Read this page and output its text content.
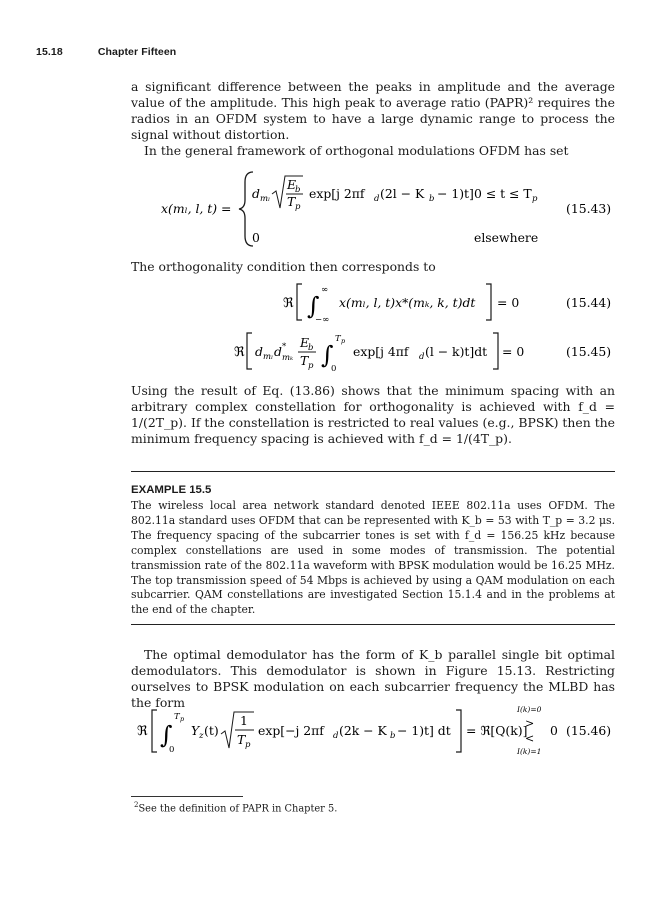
15.18	Chapter Fifteen

a significant difference between the peaks in amplitude and the average value of the amplitude. This high peak to average ratio (PAPR)² requires the radios in an OFDM system to have a large dynamic range to process the signal without distortion.

In the general framework of orthogonal modulations OFDM has set

x(mₗ, l, t) =
d mₗ
E
b
T p
exp[j 2πf d (2l − K b − 1)t] 0 ≤ t ≤ T p
0	elsewhere
(15.43)

The orthogonality condition then corresponds to

ℜ ∫
∞
−∞
x(mₗ, l, t)x*(mₖ, k, t)dt = 0	(15.44)
ℜ d mₗ d *
mₖ
E
b
T p ∫
T p
0
exp[j 4πf d (l − k)t]dt = 0	(15.45)

Using the result of Eq. (13.86) shows that the minimum spacing with an arbitrary complex constellation for orthogonality is achieved with f_d = 1/(2T_p). If the constellation is restricted to real values (e.g., BPSK) then the minimum frequency spacing is achieved with f_d = 1/(4T_p).

EXAMPLE 15.5

The wireless local area network standard denoted IEEE 802.11a uses OFDM. The 802.11a standard uses OFDM that can be represented with K_b = 53 with T_p = 3.2 μs. The frequency spacing of the subcarrier tones is set with f_d = 156.25 kHz because complex constellations are used in some modes of transmission. The potential transmission rate of the 802.11a waveform with BPSK modulation would be 16.25 MHz. The top transmission speed of 54 Mbps is achieved by using a QAM modulation on each subcarrier. QAM constellations are investigated Section 15.1.4 and in the problems at the end of the chapter.

The optimal demodulator has the form of K_b parallel single bit optimal demodulators. This demodulator is shown in Figure 15.13. Restricting ourselves to BPSK modulation on each subcarrier frequency the MLBD has the form

ℜ ∫
T p
0
Y z (t)
1
T p
exp[−j 2πf d (2k − K b − 1)t] dt = ℜ[Q(k)]
I(k)=0
>
<
I(k)=1
0 (15.46)
$^2$See the definition of PAPR in Chapter 5.
